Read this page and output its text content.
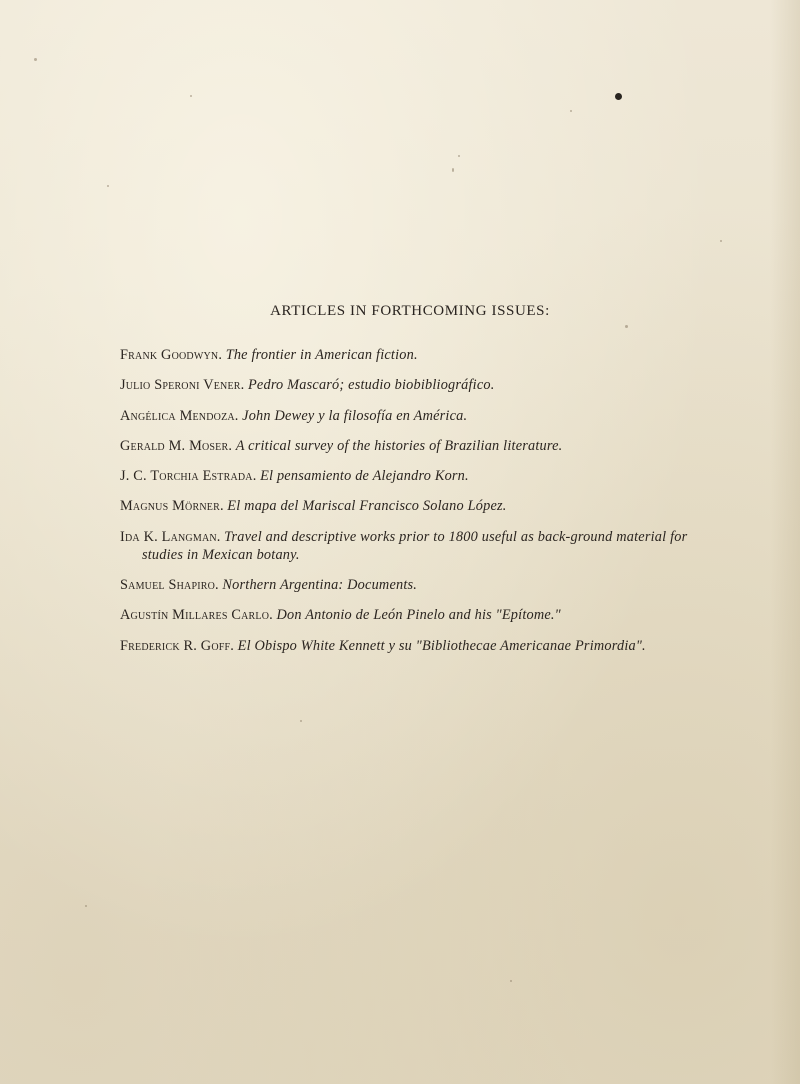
ARTICLES IN FORTHCOMING ISSUES:
Frank Goodwyn. The frontier in American fiction.
Julio Speroni Vener. Pedro Mascaró; estudio biobibliográfico.
Angélica Mendoza. John Dewey y la filosofía en América.
Gerald M. Moser. A critical survey of the histories of Brazilian literature.
J. C. Torchia Estrada. El pensamiento de Alejandro Korn.
Magnus Mörner. El mapa del Mariscal Francisco Solano López.
Ida K. Langman. Travel and descriptive works prior to 1800 useful as back-ground material for studies in Mexican botany.
Samuel Shapiro. Northern Argentina: Documents.
Agustín Millares Carlo. Don Antonio de León Pinelo and his "Epítome."
Frederick R. Goff. El Obispo White Kennett y su "Bibliothecae Americanae Primordia".
